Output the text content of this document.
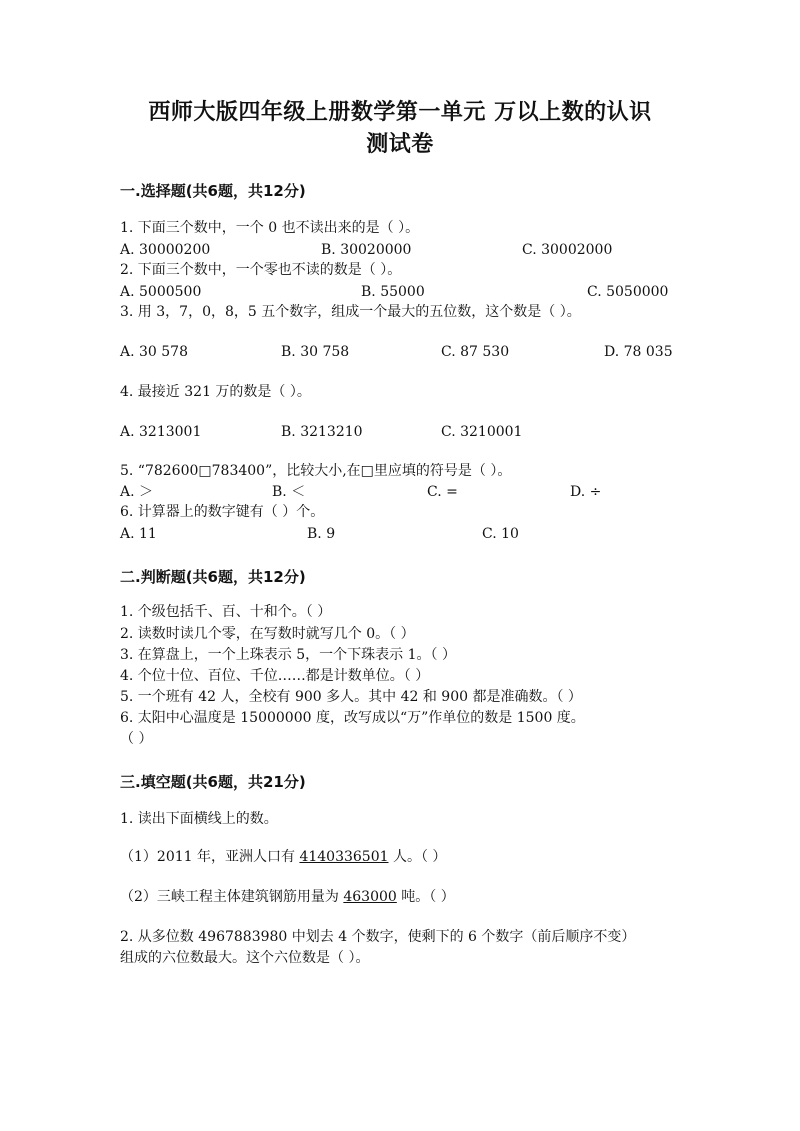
西师大版四年级上册数学第一单元 万以上数的认识
测试卷
一.选择题(共6题，共12分)
1. 下面三个数中，一个 0 也不读出来的是（ ）。
A. 30000200	B. 30020000	C. 30002000
2. 下面三个数中，一个零也不读的数是（ ）。
A. 5000500	B. 55000	C. 5050000
3. 用 3，7，0，8，5 五个数字，组成一个最大的五位数，这个数是（ ）。
A. 30 578	B. 30 758	C. 87 530	D. 78 035
4. 最接近 321 万的数是（ ）。
A. 3213001	B. 3213210	C. 3210001
5. “782600□783400”，比较大小,在□里应填的符号是（ ）。
A. ＞	B. ＜	C. =	D. ÷
6. 计算器上的数字键有（ ）个。
A. 11	B. 9	C. 10
二.判断题(共6题，共12分)
1. 个级包括千、百、十和个。（ ）
2. 读数时读几个零，在写数时就写几个 0。（ ）
3. 在算盘上，一个上珠表示 5，一个下珠表示 1。（ ）
4. 个位十位、百位、千位……都是计数单位。（ ）
5. 一个班有 42 人，全校有 900 多人。其中 42 和 900 都是准确数。（ ）
6. 太阳中心温度是 15000000 度，改写成以“万”作单位的数是 1500 度。
（ ）
三.填空题(共6题，共21分)
1. 读出下面横线上的数。
（1）2011 年，亚洲人口有 4140336501 人。（ ）
（2）三峡工程主体建筑钢筋用量为 463000 吨。（ ）
2. 从多位数 4967883980 中划去 4 个数字，使剩下的 6 个数字（前后顺序不变）
组成的六位数最大。这个六位数是（ ）。
